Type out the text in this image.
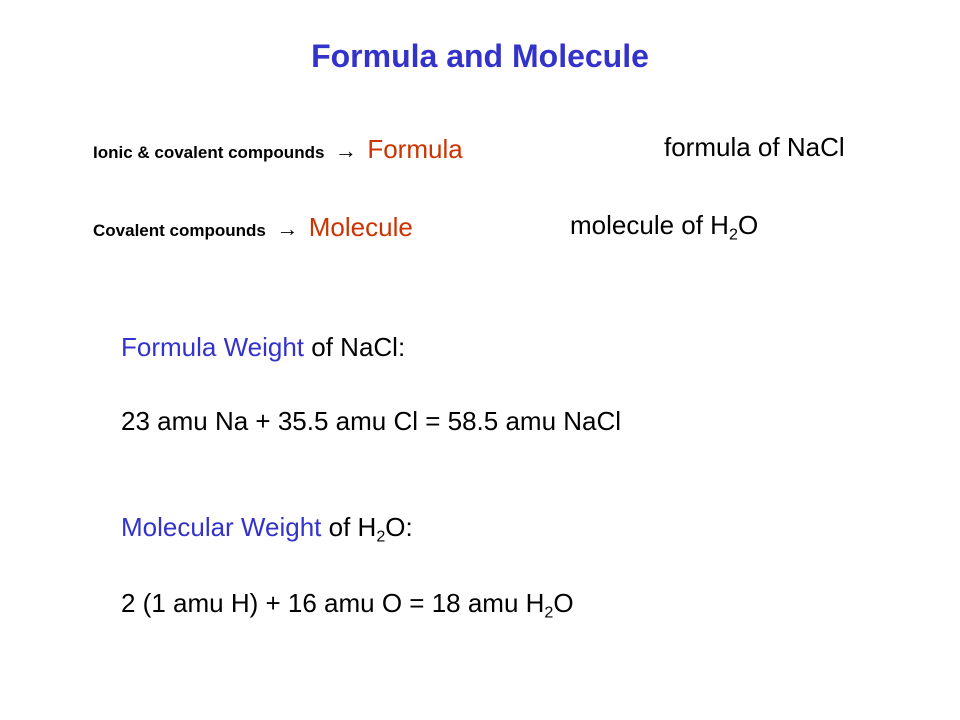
Formula and Molecule
Ionic & covalent compounds → Formula	formula of NaCl
Covalent compounds → Molecule	molecule of $H_2O$
Formula Weight of NaCl:
23 amu Na + 35.5 amu Cl = 58.5 amu NaCl
Molecular Weight of $H_2O$:
2 (1 amu H) + 16 amu O = 18 amu $H_2O$
